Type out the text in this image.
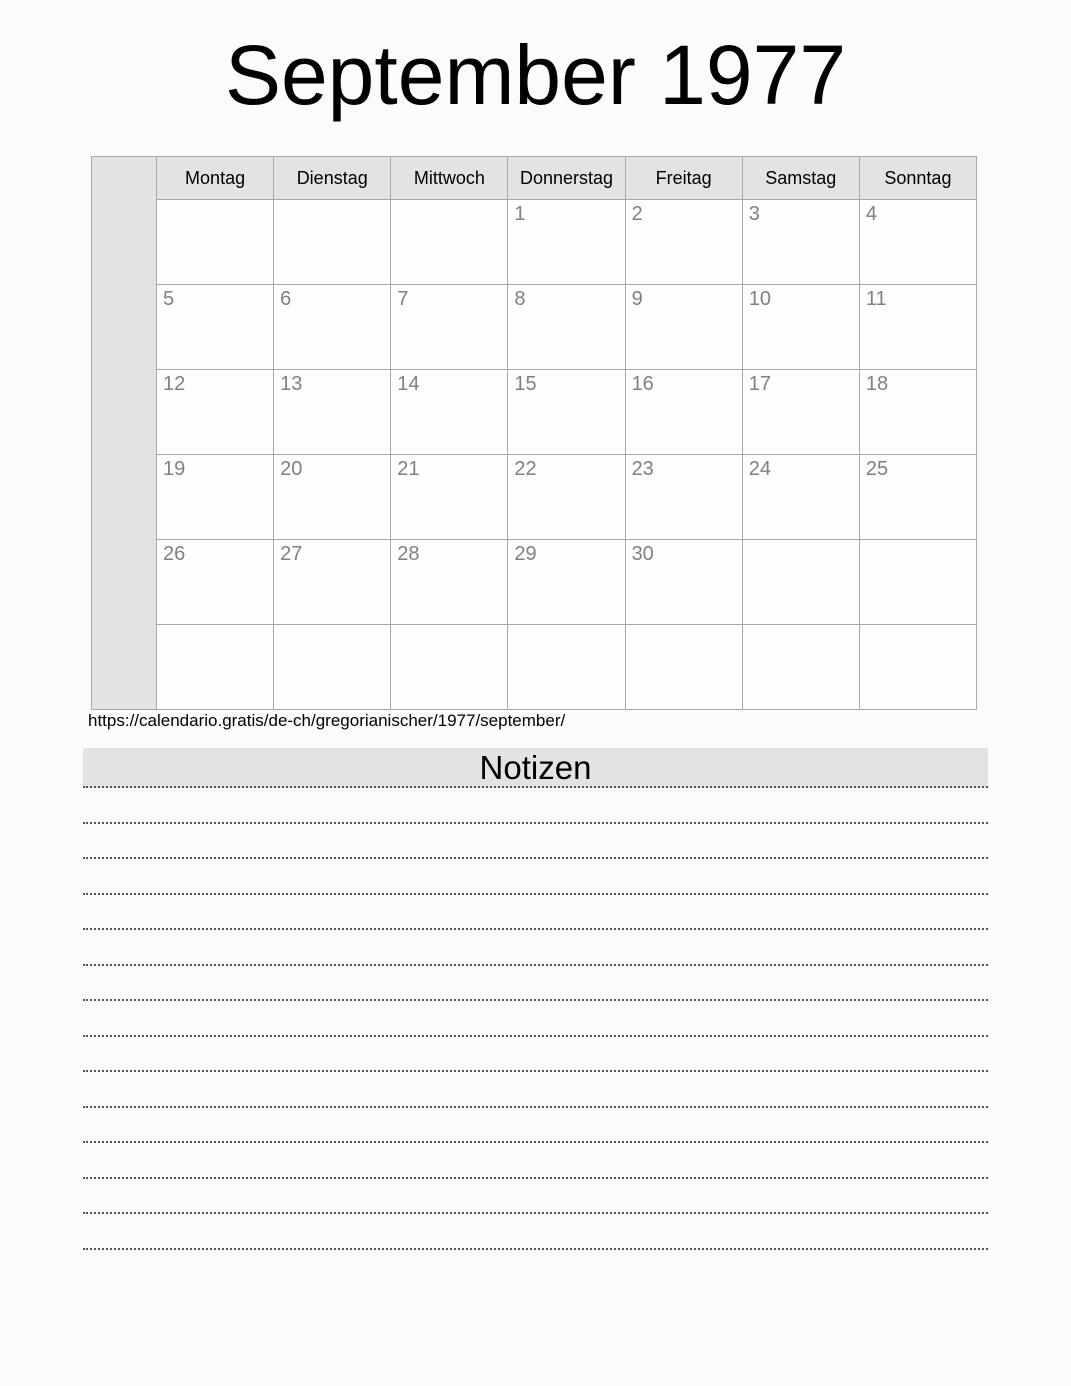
September 1977
	Montag	Dienstag	Mittwoch	Donnerstag	Freitag	Samstag	Sonntag
				1	2	3	4
	5	6	7	8	9	10	11
	12	13	14	15	16	17	18
	19	20	21	22	23	24	25
	26	27	28	29	30		

https://calendario.gratis/de-ch/gregorianischer/1977/september/
Notizen
